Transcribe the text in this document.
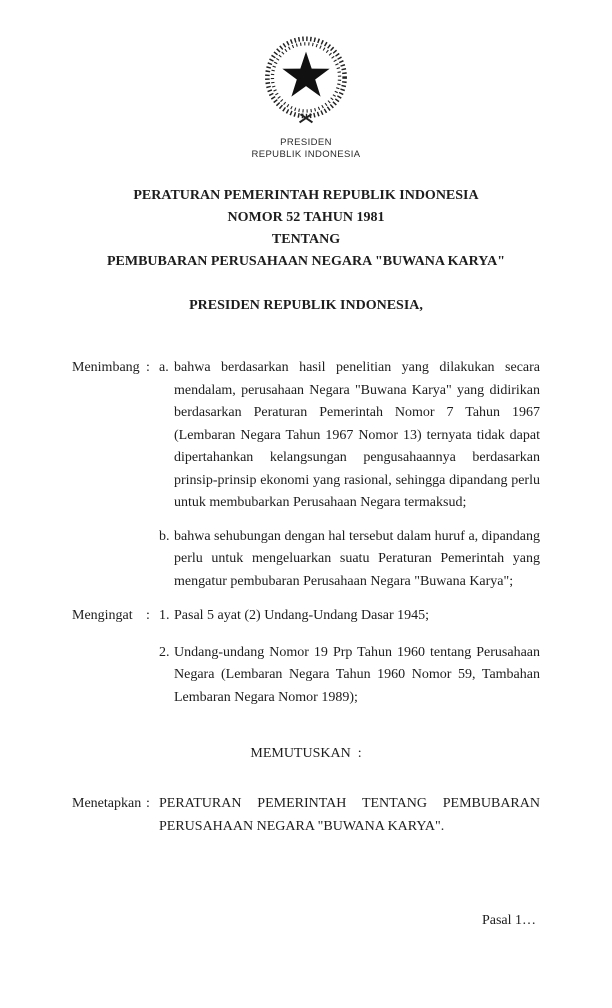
PRESIDEN
REPUBLIK INDONESIA
PERATURAN PEMERINTAH REPUBLIK INDONESIA
NOMOR 52 TAHUN 1981
TENTANG
PEMBUBARAN PERUSAHAAN NEGARA "BUWANA KARYA"
PRESIDEN REPUBLIK INDONESIA,
Menimbang : a. bahwa berdasarkan hasil penelitian yang dilakukan secara mendalam, perusahaan Negara "Buwana Karya" yang didirikan berdasarkan Peraturan Pemerintah Nomor 7 Tahun 1967 (Lembaran Negara Tahun 1967 Nomor 13) ternyata tidak dapat dipertahankan kelangsungan pengusahaannya berdasarkan prinsip-prinsip ekonomi yang rasional, sehingga dipandang perlu untuk membubarkan Perusahaan Negara termaksud;
b. bahwa sehubungan dengan hal tersebut dalam huruf a, dipandang perlu untuk mengeluarkan suatu Peraturan Pemerintah yang mengatur pembubaran Perusahaan Negara "Buwana Karya";
Mengingat : 1. Pasal 5 ayat (2) Undang-Undang Dasar 1945;
2. Undang-undang Nomor 19 Prp Tahun 1960 tentang Perusahaan Negara (Lembaran Negara Tahun 1960 Nomor 59, Tambahan Lembaran Negara Nomor 1989);
MEMUTUSKAN  :
Menetapkan : PERATURAN PEMERINTAH TENTANG PEMBUBARAN PERUSAHAAN NEGARA "BUWANA KARYA".
Pasal 1…
